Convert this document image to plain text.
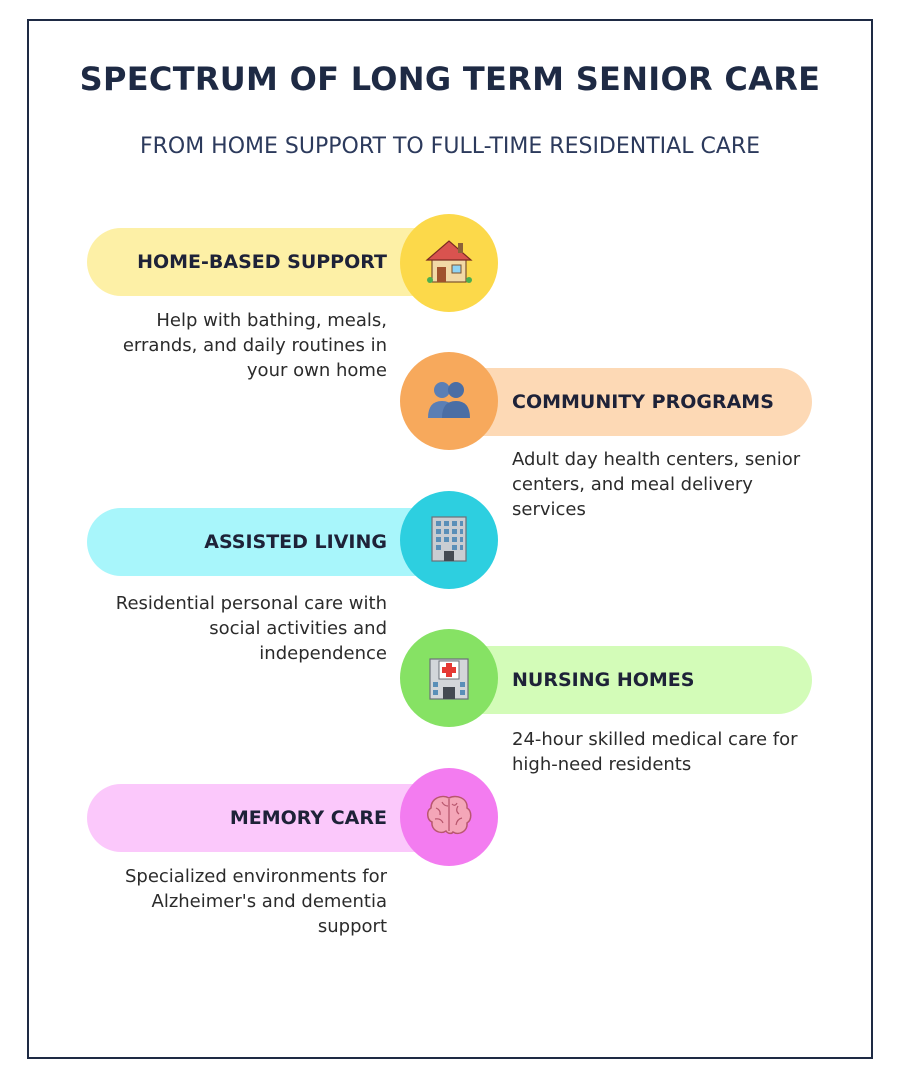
SPECTRUM OF LONG TERM SENIOR CARE
FROM HOME SUPPORT TO FULL-TIME RESIDENTIAL CARE
HOME-BASED SUPPORT
Help with bathing, meals, errands, and daily routines in your own home
COMMUNITY PROGRAMS
Adult day health centers, senior centers, and meal delivery services
ASSISTED LIVING
Residential personal care with social activities and independence
NURSING HOMES
24-hour skilled medical care for high-need residents
MEMORY CARE
Specialized environments for Alzheimer's and dementia support
